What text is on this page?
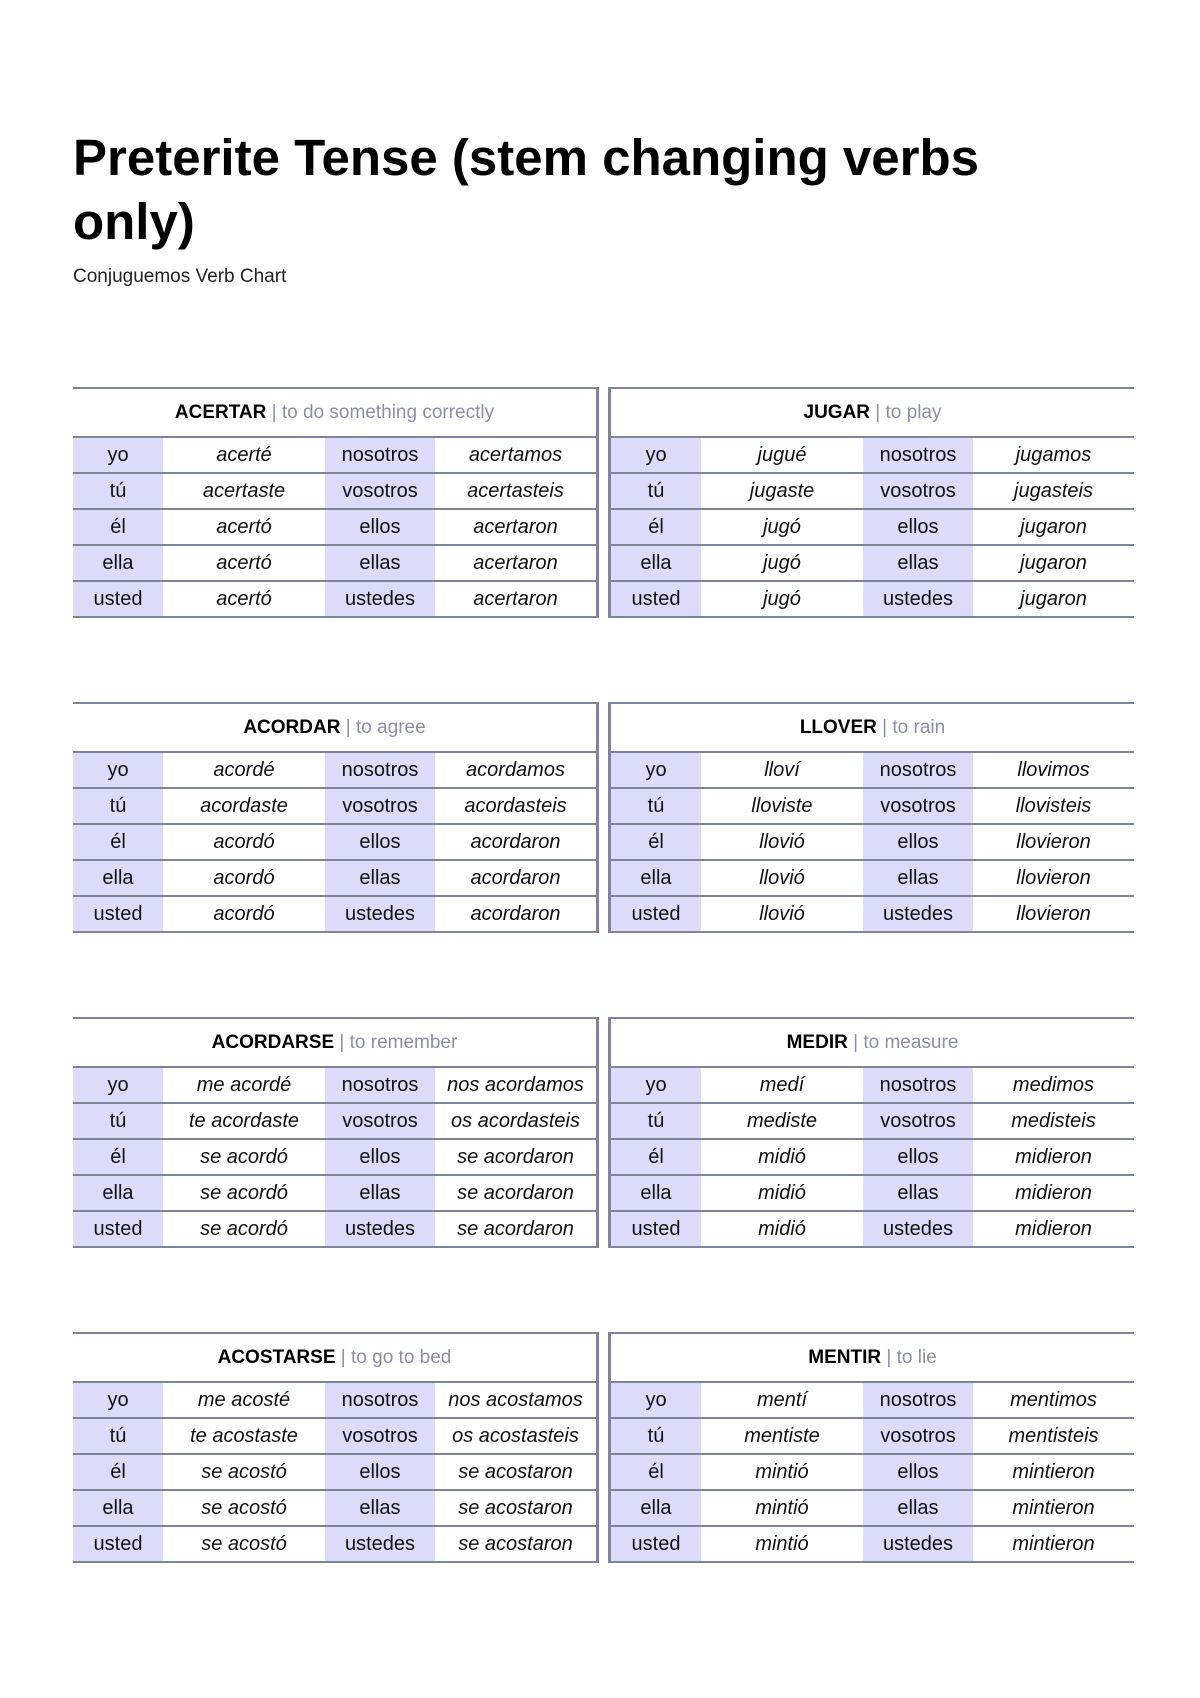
Preterite Tense (stem changing verbs only)

Conjuguemos Verb Chart

ACERTAR | to do something correctly
yo	acerté	nosotros	acertamos
tú	acertaste	vosotros	acertasteis
él	acertó	ellos	acertaron
ella	acertó	ellas	acertaron
usted	acertó	ustedes	acertaron
JUGAR | to play
yo	jugué	nosotros	jugamos
tú	jugaste	vosotros	jugasteis
él	jugó	ellos	jugaron
ella	jugó	ellas	jugaron
usted	jugó	ustedes	jugaron
ACORDAR | to agree
yo	acordé	nosotros	acordamos
tú	acordaste	vosotros	acordasteis
él	acordó	ellos	acordaron
ella	acordó	ellas	acordaron
usted	acordó	ustedes	acordaron
LLOVER | to rain
yo	lloví	nosotros	llovimos
tú	lloviste	vosotros	llovisteis
él	llovió	ellos	llovieron
ella	llovió	ellas	llovieron
usted	llovió	ustedes	llovieron
ACORDARSE | to remember
yo	me acordé	nosotros	nos acordamos
tú	te acordaste	vosotros	os acordasteis
él	se acordó	ellos	se acordaron
ella	se acordó	ellas	se acordaron
usted	se acordó	ustedes	se acordaron
MEDIR | to measure
yo	medí	nosotros	medimos
tú	mediste	vosotros	medisteis
él	midió	ellos	midieron
ella	midió	ellas	midieron
usted	midió	ustedes	midieron
ACOSTARSE | to go to bed
yo	me acosté	nosotros	nos acostamos
tú	te acostaste	vosotros	os acostasteis
él	se acostó	ellos	se acostaron
ella	se acostó	ellas	se acostaron
usted	se acostó	ustedes	se acostaron
MENTIR | to lie
yo	mentí	nosotros	mentimos
tú	mentiste	vosotros	mentisteis
él	mintió	ellos	mintieron
ella	mintió	ellas	mintieron
usted	mintió	ustedes	mintieron
